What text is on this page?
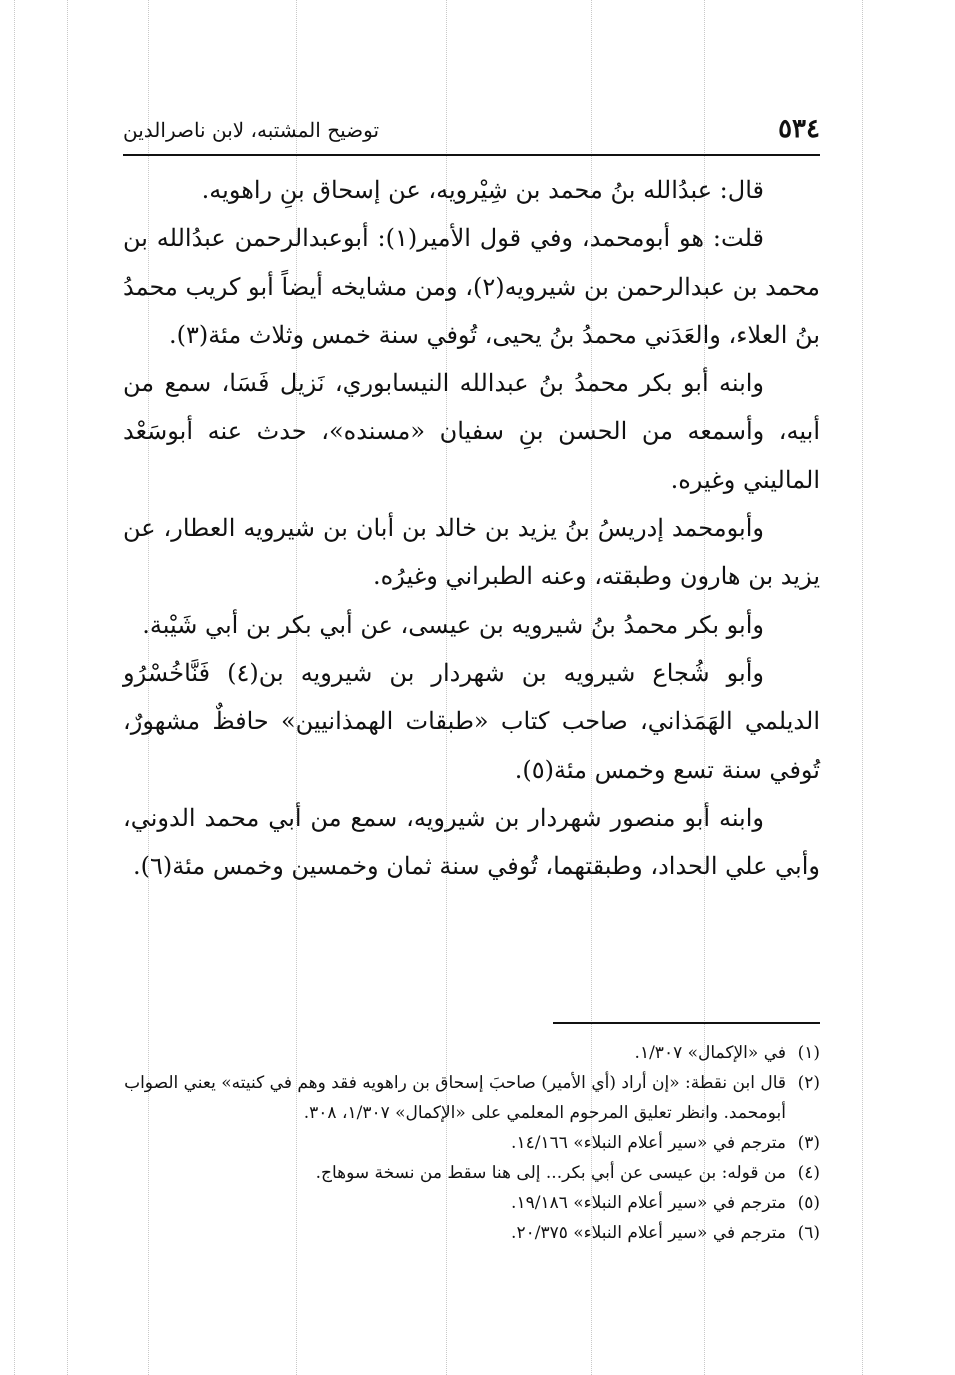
٥٣٤
توضيح المشتبه، لابن ناصرالدين

قال: عبدُالله بنُ محمد بن شِيْرويه، عن إسحاق بنِ راهويه.

قلت: هو أبومحمد، وفي قول الأمير(١): أبوعبدالرحمن عبدُالله بن محمد بن عبدالرحمن بن شيرويه(٢)، ومن مشايخه أيضاً أبو كريب محمدُ بنُ العلاء، والعَدَني محمدُ بنُ يحيى، تُوفي سنة خمس وثلاث مئة(٣).

وابنه أبو بكر محمدُ بنُ عبدالله النيسابوري، نَزيل فَسَا، سمع من أبيه، وأسمعه من الحسن بنِ سفيان «مسنده»، حدث عنه أبوسَعْد الماليني وغيره.

وأبومحمد إدريسُ بنُ يزيد بن خالد بن أبان بن شيرويه العطار، عن يزيد بن هارون وطبقته، وعنه الطبراني وغيرُه.

وأبو بكر محمدُ بنُ شيرويه بن عيسى، عن أبي بكر بن أبي شَيْبة.

وأبو شُجاع شيرويه بن شهردار بن شيرويه بن(٤) فَنَّاخُسْرُو الديلمي الهَمَذاني، صاحب كتاب «طبقات الهمذانيين» حافظٌ مشهورٌ، تُوفي سنة تسع وخمس مئة(٥).

وابنه أبو منصور شهردار بن شيرويه، سمع من أبي محمد الدوني، وأبي علي الحداد، وطبقتهما، تُوفي سنة ثمان وخمسين وخمس مئة(٦).

(١)
في «الإكمال» ١/٣٠٧.
(٢)
قال ابن نقطة: «إن أراد (أي الأمير) صاحبَ إسحاق بن راهويه فقد وهم في كنيته» يعني الصواب أبومحمد. وانظر تعليق المرحوم المعلمي على «الإكمال» ١/٣٠٧، ٣٠٨.
(٣)
مترجم في «سير أعلام النبلاء» ١٤/١٦٦.
(٤)
من قوله: بن عيسى عن أبي بكر... إلى هنا سقط من نسخة سوهاج.
(٥)
مترجم في «سير أعلام النبلاء» ١٩/١٨٦.
(٦)
مترجم في «سير أعلام النبلاء» ٢٠/٣٧٥.
